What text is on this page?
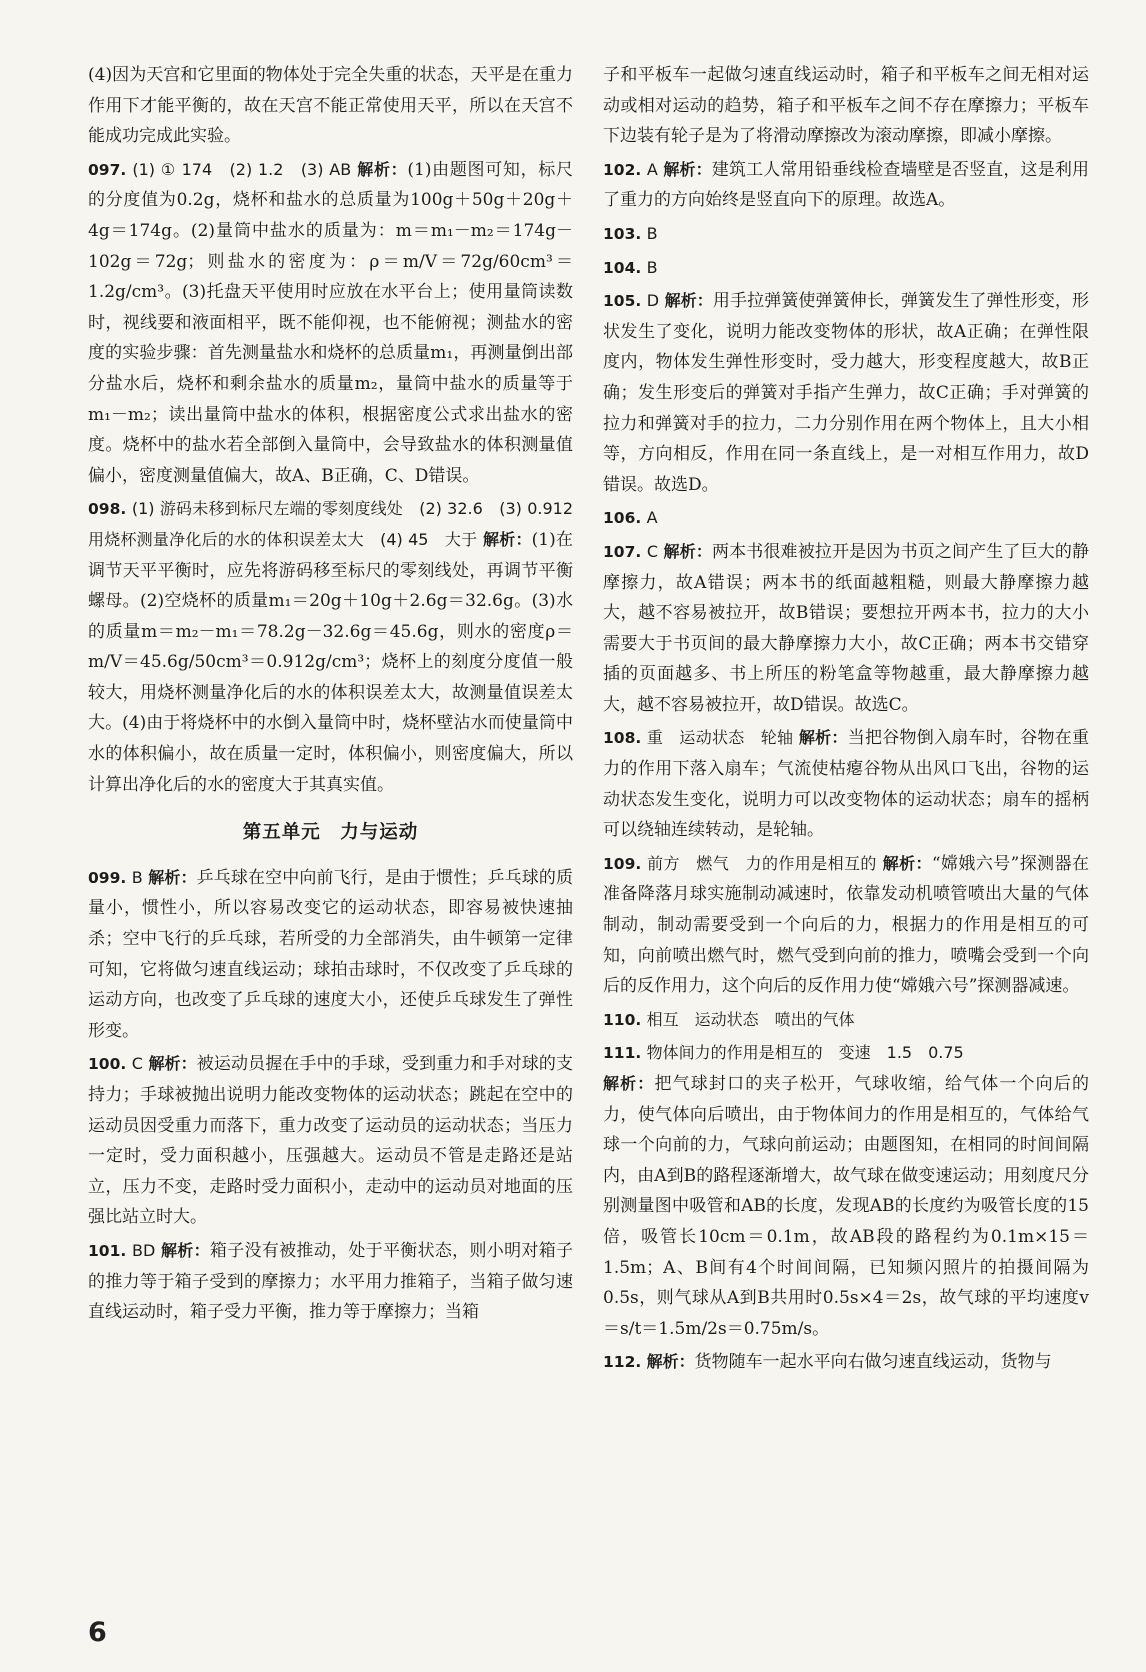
(4)因为天宫和它里面的物体处于完全失重的状态，天平是在重力作用下才能平衡的，故在天宫不能正常使用天平，所以在天宫不能成功完成此实验。

097. (1) ① 174　(2) 1.2　(3) AB 解析：(1)由题图可知，标尺的分度值为0.2g，烧杯和盐水的总质量为100g＋50g＋20g＋4g＝174g。(2)量筒中盐水的质量为：m＝m₁－m₂＝174g－102g＝72g；则盐水的密度为：ρ＝m/V＝72g/60cm³＝1.2g/cm³。(3)托盘天平使用时应放在水平台上；使用量筒读数时，视线要和液面相平，既不能仰视，也不能俯视；测盐水的密度的实验步骤：首先测量盐水和烧杯的总质量m₁，再测量倒出部分盐水后，烧杯和剩余盐水的质量m₂，量筒中盐水的质量等于m₁－m₂；读出量筒中盐水的体积，根据密度公式求出盐水的密度。烧杯中的盐水若全部倒入量筒中，会导致盐水的体积测量值偏小，密度测量值偏大，故A、B正确，C、D错误。

098. (1) 游码未移到标尺左端的零刻度线处　(2) 32.6　(3) 0.912　用烧杯测量净化后的水的体积误差太大　(4) 45　大于 解析：(1)在调节天平平衡时，应先将游码移至标尺的零刻线处，再调节平衡螺母。(2)空烧杯的质量m₁＝20g＋10g＋2.6g＝32.6g。(3)水的质量m＝m₂－m₁＝78.2g－32.6g＝45.6g，则水的密度ρ＝m/V＝45.6g/50cm³＝0.912g/cm³；烧杯上的刻度分度值一般较大，用烧杯测量净化后的水的体积误差太大，故测量值误差太大。(4)由于将烧杯中的水倒入量筒中时，烧杯壁沾水而使量筒中水的体积偏小，故在质量一定时，体积偏小，则密度偏大，所以计算出净化后的水的密度大于其真实值。

第五单元　力与运动

099. B 解析：乒乓球在空中向前飞行，是由于惯性；乒乓球的质量小，惯性小，所以容易改变它的运动状态，即容易被快速抽杀；空中飞行的乒乓球，若所受的力全部消失，由牛顿第一定律可知，它将做匀速直线运动；球拍击球时，不仅改变了乒乓球的运动方向，也改变了乒乓球的速度大小，还使乒乓球发生了弹性形变。

100. C 解析：被运动员握在手中的手球，受到重力和手对球的支持力；手球被抛出说明力能改变物体的运动状态；跳起在空中的运动员因受重力而落下，重力改变了运动员的运动状态；当压力一定时，受力面积越小，压强越大。运动员不管是走路还是站立，压力不变，走路时受力面积小，走动中的运动员对地面的压强比站立时大。

101. BD 解析：箱子没有被推动，处于平衡状态，则小明对箱子的推力等于箱子受到的摩擦力；水平用力推箱子，当箱子做匀速直线运动时，箱子受力平衡，推力等于摩擦力；当箱

子和平板车一起做匀速直线运动时，箱子和平板车之间无相对运动或相对运动的趋势，箱子和平板车之间不存在摩擦力；平板车下边装有轮子是为了将滑动摩擦改为滚动摩擦，即减小摩擦。

102. A 解析：建筑工人常用铅垂线检查墙壁是否竖直，这是利用了重力的方向始终是竖直向下的原理。故选A。

103. B

104. B

105. D 解析：用手拉弹簧使弹簧伸长，弹簧发生了弹性形变，形状发生了变化，说明力能改变物体的形状，故A正确；在弹性限度内，物体发生弹性形变时，受力越大，形变程度越大，故B正确；发生形变后的弹簧对手指产生弹力，故C正确；手对弹簧的拉力和弹簧对手的拉力，二力分别作用在两个物体上，且大小相等，方向相反，作用在同一条直线上，是一对相互作用力，故D错误。故选D。

106. A

107. C 解析：两本书很难被拉开是因为书页之间产生了巨大的静摩擦力，故A错误；两本书的纸面越粗糙，则最大静摩擦力越大，越不容易被拉开，故B错误；要想拉开两本书，拉力的大小需要大于书页间的最大静摩擦力大小，故C正确；两本书交错穿插的页面越多、书上所压的粉笔盒等物越重，最大静摩擦力越大，越不容易被拉开，故D错误。故选C。

108. 重　运动状态　轮轴 解析：当把谷物倒入扇车时，谷物在重力的作用下落入扇车；气流使枯瘪谷物从出风口飞出，谷物的运动状态发生变化，说明力可以改变物体的运动状态；扇车的摇柄可以绕轴连续转动，是轮轴。

109. 前方　燃气　力的作用是相互的 解析：“嫦娥六号”探测器在准备降落月球实施制动减速时，依靠发动机喷管喷出大量的气体制动，制动需要受到一个向后的力，根据力的作用是相互的可知，向前喷出燃气时，燃气受到向前的推力，喷嘴会受到一个向后的反作用力，这个向后的反作用力使“嫦娥六号”探测器减速。

110. 相互　运动状态　喷出的气体

111. 物体间力的作用是相互的　变速　1.5　0.75
解析：把气球封口的夹子松开，气球收缩，给气体一个向后的力，使气体向后喷出，由于物体间力的作用是相互的，气体给气球一个向前的力，气球向前运动；由题图知，在相同的时间间隔内，由A到B的路程逐渐增大，故气球在做变速运动；用刻度尺分别测量图中吸管和AB的长度，发现AB的长度约为吸管长度的15倍，吸管长10cm＝0.1m，故AB段的路程约为0.1m×15＝1.5m；A、B间有4个时间间隔，已知频闪照片的拍摄间隔为0.5s，则气球从A到B共用时0.5s×4＝2s，故气球的平均速度v＝s/t＝1.5m/2s＝0.75m/s。

112. 解析：货物随车一起水平向右做匀速直线运动，货物与

6
